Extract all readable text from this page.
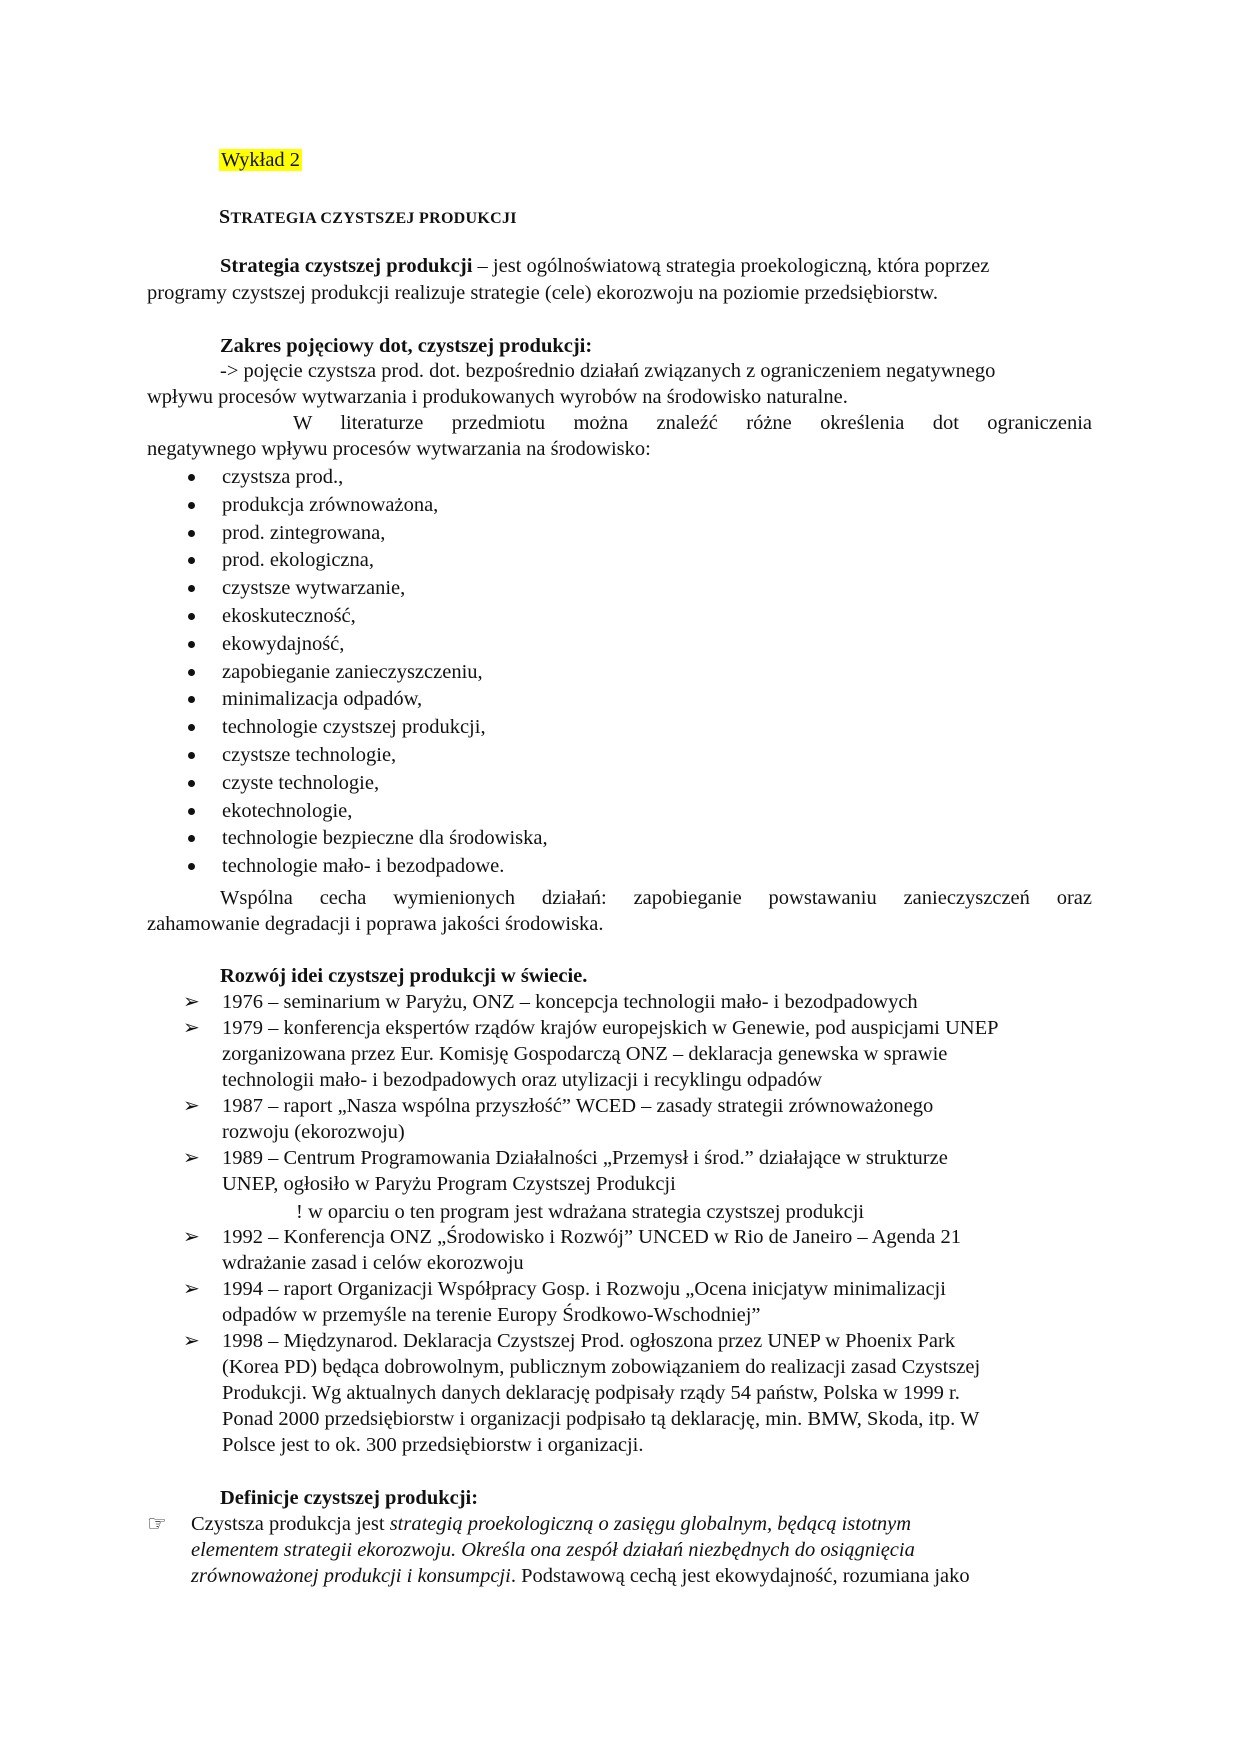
Wykład 2
STRATEGIA CZYSTSZEJ PRODUKCJI
Strategia czystszej produkcji – jest ogólnoświatową strategia proekologiczną, która poprzez
programy czystszej produkcji realizuje strategie (cele) ekorozwoju na poziomie przedsiębiorstw.
Zakres pojęciowy dot, czystszej produkcji:
-> pojęcie czystsza prod. dot. bezpośrednio działań związanych z ograniczeniem negatywnego
wpływu procesów wytwarzania i produkowanych wyrobów na środowisko naturalne.
W literaturze przedmiotu można znaleźć różne określenia dot ograniczenia
negatywnego wpływu procesów wytwarzania na środowisko:
czystsza prod.,
produkcja zrównoważona,
prod. zintegrowana,
prod. ekologiczna,
czystsze wytwarzanie,
ekoskuteczność,
ekowydajność,
zapobieganie zanieczyszczeniu,
minimalizacja odpadów,
technologie czystszej produkcji,
czystsze technologie,
czyste technologie,
ekotechnologie,
technologie bezpieczne dla środowiska,
technologie mało- i bezodpadowe.
Wspólna cecha wymienionych działań: zapobieganie powstawaniu zanieczyszczeń oraz
zahamowanie degradacji i poprawa jakości środowiska.
Rozwój idei czystszej produkcji w świecie.
➢ 1976 – seminarium w Paryżu, ONZ – koncepcja technologii mało- i bezodpadowych
➢ 1979 – konferencja ekspertów rządów krajów europejskich w Genewie, pod auspicjami UNEP
zorganizowana przez Eur. Komisję Gospodarczą ONZ – deklaracja genewska w sprawie
technologii mało- i bezodpadowych oraz utylizacji i recyklingu odpadów
➢ 1987 – raport „Nasza wspólna przyszłość” WCED – zasady strategii zrównoważonego
rozwoju (ekorozwoju)
➢ 1989 – Centrum Programowania Działalności „Przemysł i środ.” działające w strukturze
UNEP, ogłosiło w Paryżu Program Czystszej Produkcji
➢ 1992 – Konferencja ONZ „Środowisko i Rozwój” UNCED w Rio de Janeiro – Agenda 21
wdrażanie zasad i celów ekorozwoju
➢ 1994 – raport Organizacji Współpracy Gosp. i Rozwoju „Ocena inicjatyw minimalizacji
odpadów w przemyśle na terenie Europy Środkowo-Wschodniej”
➢ 1998 – Międzynarod. Deklaracja Czystszej Prod. ogłoszona przez UNEP w Phoenix Park
(Korea PD) będąca dobrowolnym, publicznym zobowiązaniem do realizacji zasad Czystszej
Produkcji. Wg aktualnych danych deklarację podpisały rządy 54 państw, Polska w 1999 r.
Ponad 2000 przedsiębiorstw i organizacji podpisało tą deklarację, min. BMW, Skoda, itp. W
Polsce jest to ok. 300 przedsiębiorstw i organizacji.
! w oparciu o ten program jest wdrażana strategia czystszej produkcji
Definicje czystszej produkcji:
☞ Czystsza produkcja jest strategią proekologiczną o zasięgu globalnym, będącą istotnym
elementem strategii ekorozwoju. Określa ona zespół działań niezbędnych do osiągnięcia
zrównoważonej produkcji i konsumpcji. Podstawową cechą jest ekowydajność, rozumiana jako
